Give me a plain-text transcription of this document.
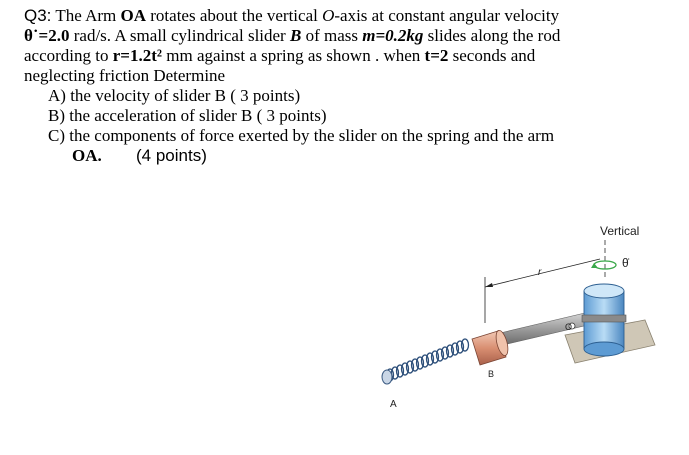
Q3: The Arm OA rotates about the vertical O-axis at constant angular velocity

θ˙=2.0 rad/s. A small cylindrical slider B of mass m=0.2kg slides along the rod

according to r=1.2t² mm against a spring as shown . when t=2 seconds and

neglecting friction Determine

A) the velocity of slider B ( 3 points)
B) the acceleration of slider B ( 3 points)
C) the components of force exerted by the slider on the spring and the arm
OA. (4 points)
Vertical
θ̇
r
O
B
A
